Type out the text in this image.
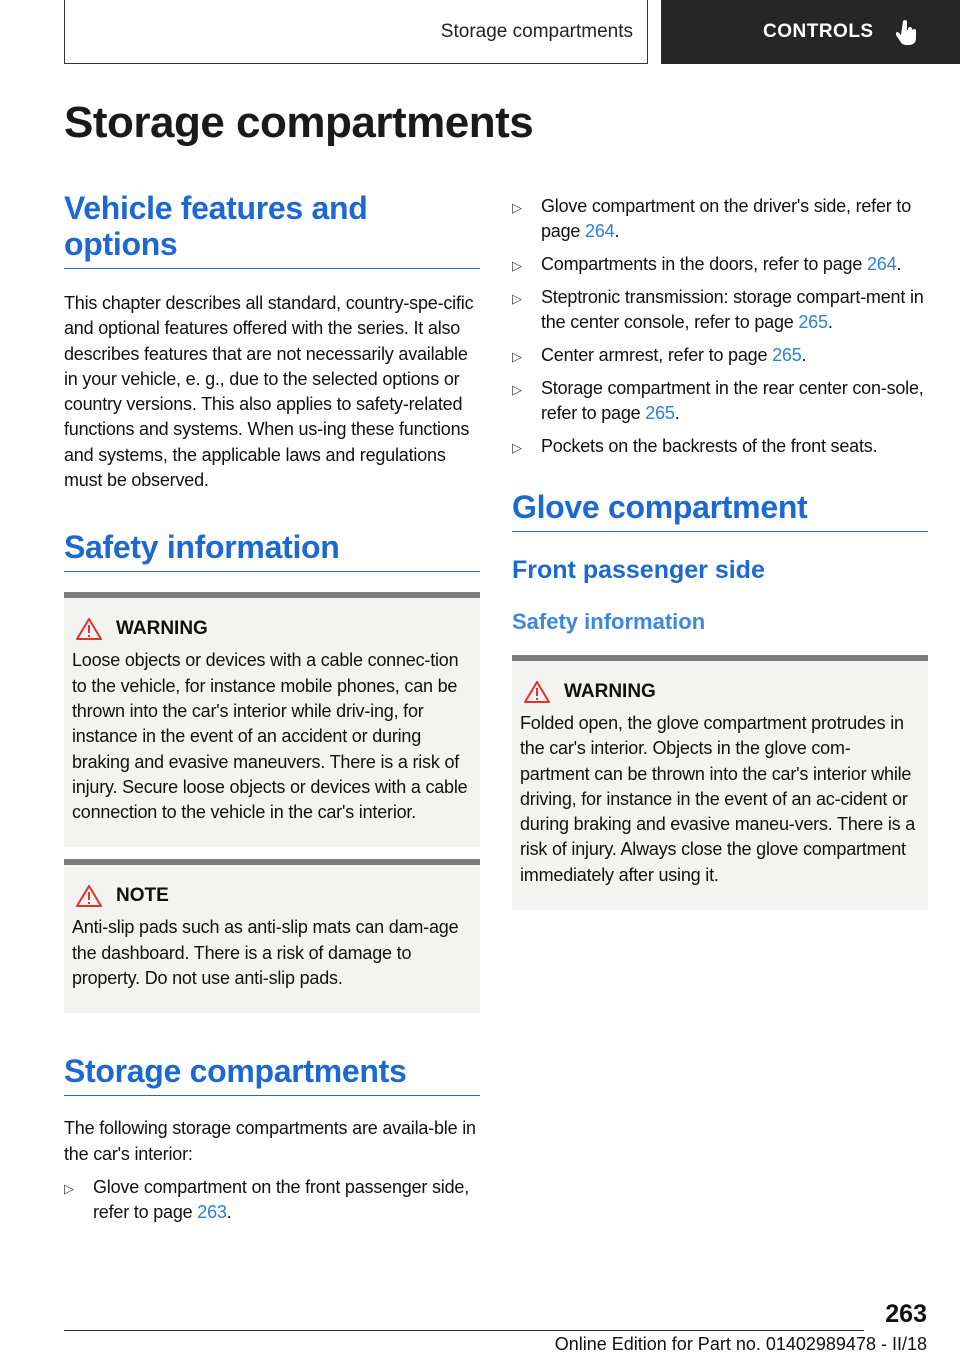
Storage compartments	CONTROLS
Storage compartments
Vehicle features and options

This chapter describes all standard, country-spe-cific and optional features offered with the series. It also describes features that are not necessarily available in your vehicle, e. g., due to the selected options or country versions. This also applies to safety-related functions and systems. When us-ing these functions and systems, the applicable laws and regulations must be observed.

Safety information
WARNING

Loose objects or devices with a cable connec-tion to the vehicle, for instance mobile phones, can be thrown into the car's interior while driv-ing, for instance in the event of an accident or during braking and evasive maneuvers. There is a risk of injury. Secure loose objects or devices with a cable connection to the vehicle in the car's interior.

NOTE

Anti-slip pads such as anti-slip mats can dam-age the dashboard. There is a risk of damage to property. Do not use anti-slip pads.

Storage compartments

The following storage compartments are availa-ble in the car's interior:

▷ Glove compartment on the front passenger side, refer to page 263.
▷ Glove compartment on the driver's side, refer to page 264.
▷ Compartments in the doors, refer to page 264.
▷ Steptronic transmission: storage compart-ment in the center console, refer to page 265.
▷ Center armrest, refer to page 265.
▷ Storage compartment in the rear center con-sole, refer to page 265.
▷ Pockets on the backrests of the front seats.
Glove compartment
Front passenger side
Safety information
WARNING

Folded open, the glove compartment protrudes in the car's interior. Objects in the glove com-partment can be thrown into the car's interior while driving, for instance in the event of an ac-cident or during braking and evasive maneu-vers. There is a risk of injury. Always close the glove compartment immediately after using it.

263
Online Edition for Part no. 01402989478 - II/18
